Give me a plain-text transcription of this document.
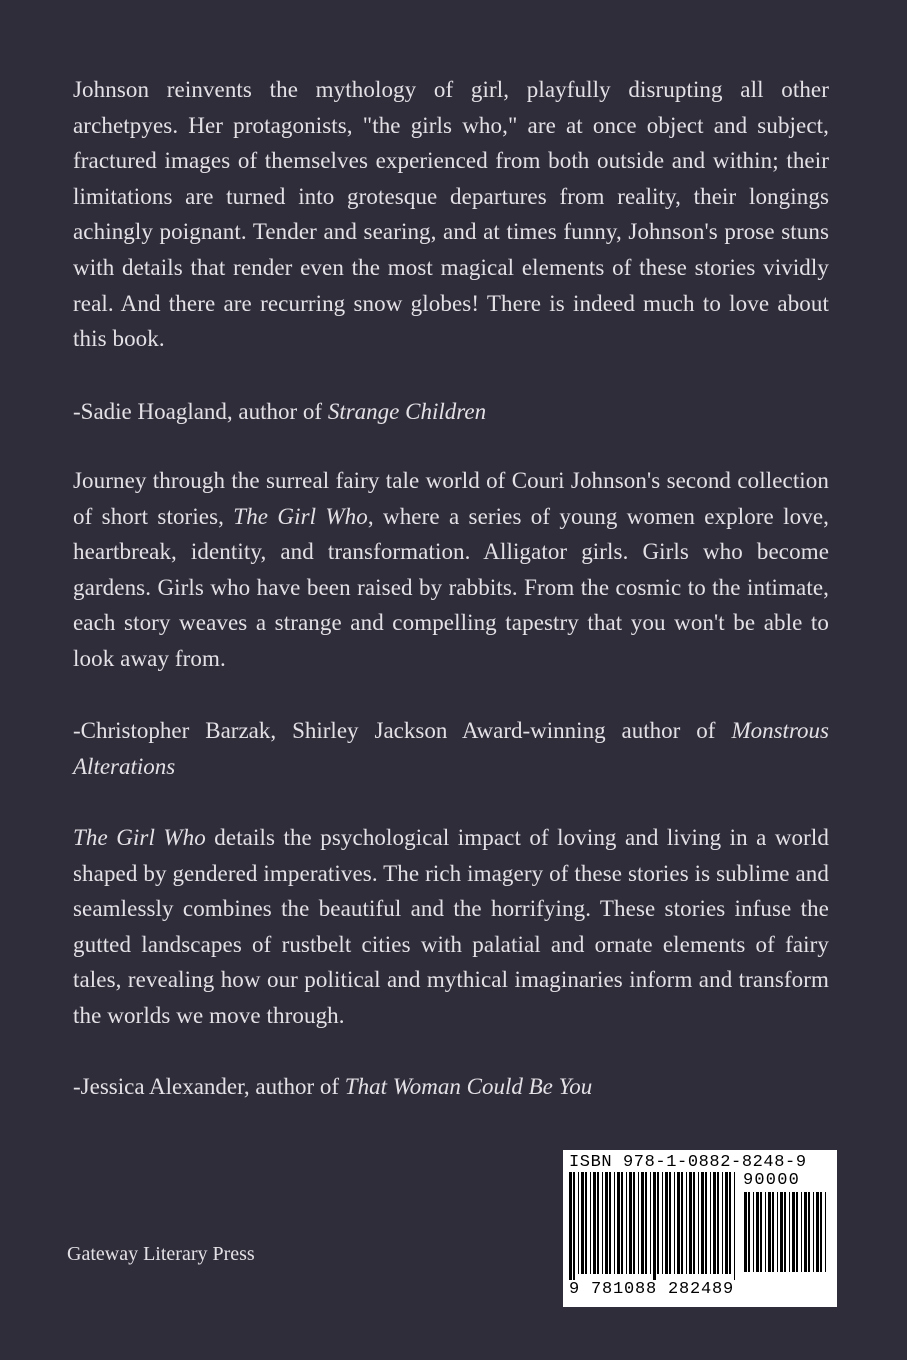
Johnson reinvents the mythology of girl, playfully disrupting all other archetpyes. Her protagonists, "the girls who," are at once object and subject, fractured images of themselves experienced from both outside and within; their limitations are turned into grotesque departures from reality, their longings achingly poignant. Tender and searing, and at times funny, Johnson's prose stuns with details that render even the most magical elements of these stories vividly real. And there are recurring snow globes! There is indeed much to love about this book.

-Sadie Hoagland, author of Strange Children

Journey through the surreal fairy tale world of Couri Johnson's second collection of short stories, The Girl Who, where a series of young women explore love, heartbreak, identity, and transformation. Alligator girls. Girls who become gardens. Girls who have been raised by rabbits. From the cosmic to the intimate, each story weaves a strange and compelling tapestry that you won't be able to look away from.

-Christopher Barzak, Shirley Jackson Award-winning author of Monstrous Alterations

The Girl Who details the psychological impact of loving and living in a world shaped by gendered imperatives. The rich imagery of these stories is sublime and seamlessly combines the beautiful and the horrifying. These stories infuse the gutted landscapes of rustbelt cities with palatial and ornate elements of fairy tales, revealing how our political and mythical imaginaries inform and transform the worlds we move through.

-Jessica Alexander, author of That Woman Could Be You

Gateway Literary Press

ISBN 978-1-0882-8248-9
90000
9 781088 282489
